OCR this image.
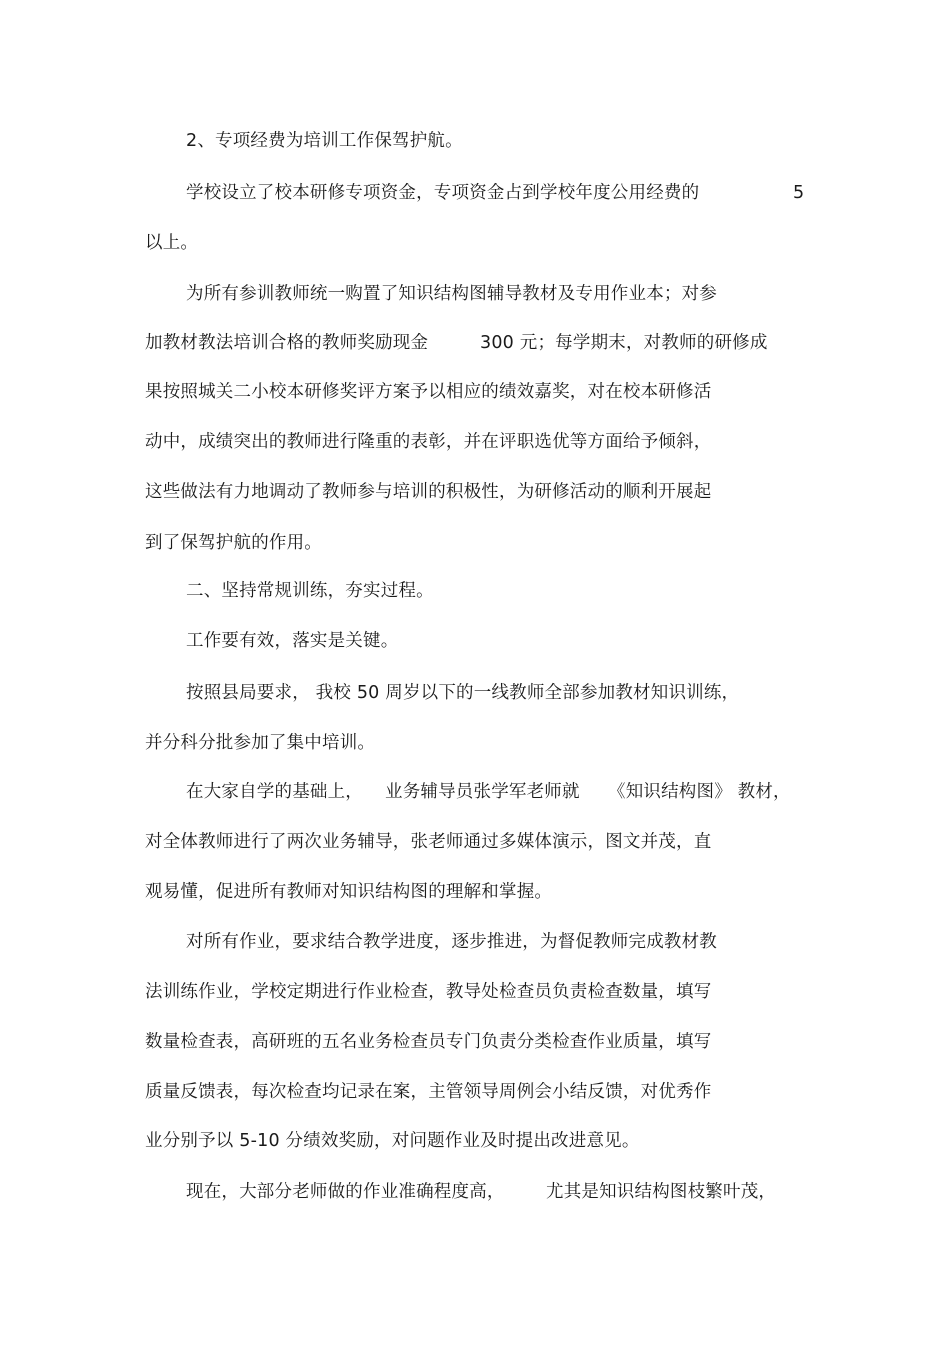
2、专项经费为培训工作保驾护航。
学校设立了校本研修专项资金，专项资金占到学校年度公用经费的	5
以上。
为所有参训教师统一购置了知识结构图辅导教材及专用作业本；对参
加教材教法培训合格的教师奖励现金	300 元；每学期末，对教师的研修成
果按照城关二小校本研修奖评方案予以相应的绩效嘉奖，对在校本研修活
动中，成绩突出的教师进行隆重的表彰，并在评职选优等方面给予倾斜，
这些做法有力地调动了教师参与培训的积极性，为研修活动的顺利开展起
到了保驾护航的作用。
二、坚持常规训练，夯实过程。
工作要有效，落实是关键。
按照县局要求， 我校 50 周岁以下的一线教师全部参加教材知识训练，
并分科分批参加了集中培训。
在大家自学的基础上， 业务辅导员张学军老师就 《知识结构图》 教材，
对全体教师进行了两次业务辅导，张老师通过多媒体演示，图文并茂，直
观易懂，促进所有教师对知识结构图的理解和掌握。
对所有作业，要求结合教学进度，逐步推进，为督促教师完成教材教
法训练作业，学校定期进行作业检查，教导处检查员负责检查数量，填写
数量检查表，高研班的五名业务检查员专门负责分类检查作业质量，填写
质量反馈表，每次检查均记录在案，主管领导周例会小结反馈，对优秀作
业分别予以 5-10 分绩效奖励，对问题作业及时提出改进意见。
现在，大部分老师做的作业准确程度高， 尤其是知识结构图枝繁叶茂，
